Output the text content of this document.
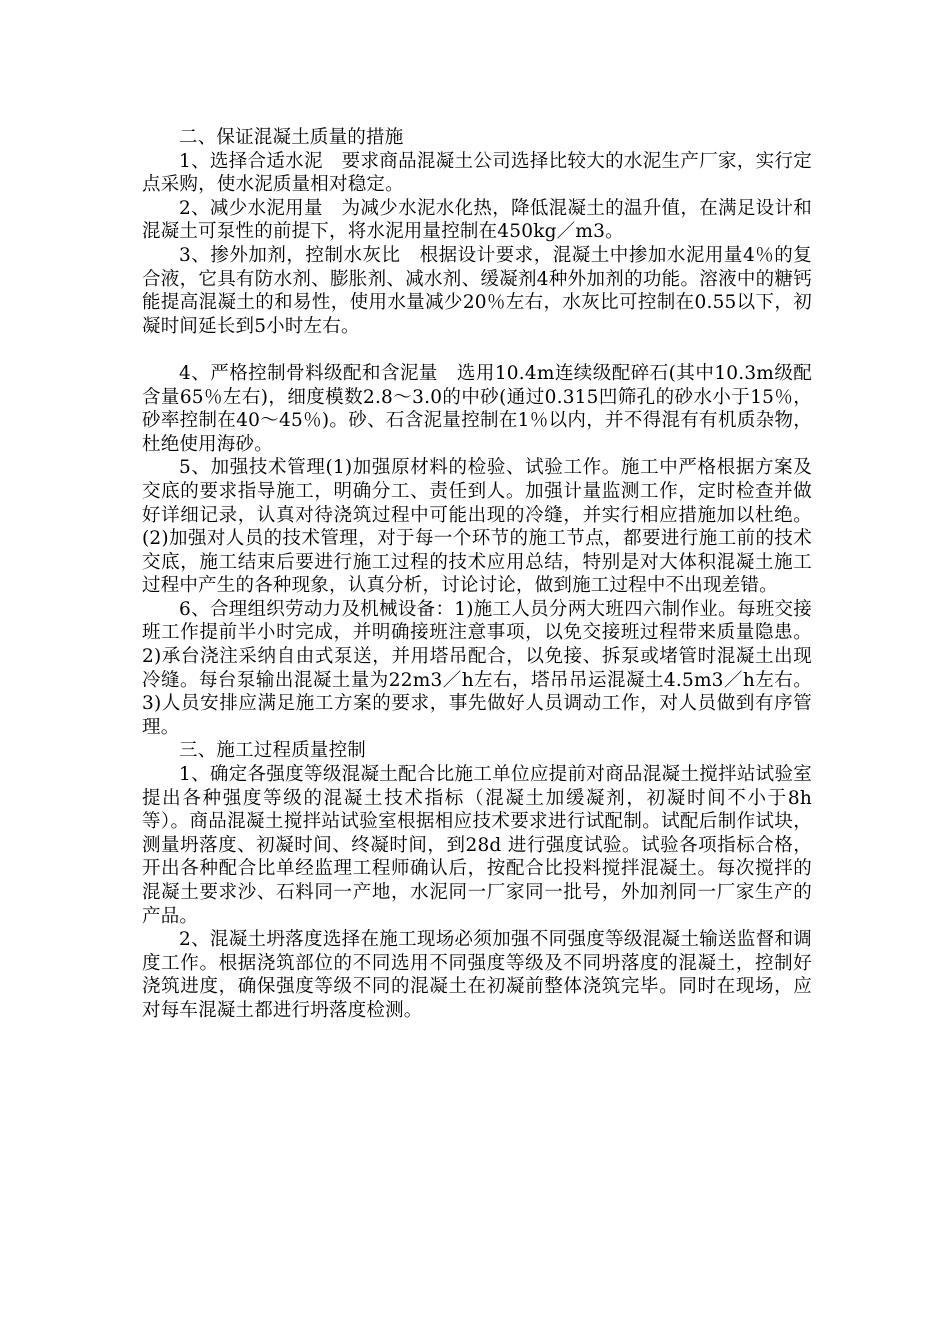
二、保证混凝土质量的措施

1、选择合适水泥　要求商品混凝土公司选择比较大的水泥生产厂家，实行定点采购，使水泥质量相对稳定。

2、减少水泥用量　为减少水泥水化热，降低混凝土的温升值，在满足设计和混凝土可泵性的前提下，将水泥用量控制在450kg／m3。

3、掺外加剂，控制水灰比　根据设计要求，混凝土中掺加水泥用量4％的复合液，它具有防水剂、膨胀剂、减水剂、缓凝剂4种外加剂的功能。溶液中的糖钙能提高混凝土的和易性，使用水量减少20％左右，水灰比可控制在0.55以下，初凝时间延长到5小时左右。

4、严格控制骨料级配和含泥量　选用10.4m连续级配碎石(其中10.3m级配含量65％左右)，细度模数2.8～3.0的中砂(通过0.315凹筛孔的砂水小于15％，砂率控制在40～45％)。砂、石含泥量控制在1％以内，并不得混有有机质杂物，杜绝使用海砂。

5、加强技术管理(1)加强原材料的检验、试验工作。施工中严格根据方案及交底的要求指导施工，明确分工、责任到人。加强计量监测工作，定时检查并做好详细记录，认真对待浇筑过程中可能出现的冷缝，并实行相应措施加以杜绝。(2)加强对人员的技术管理，对于每一个环节的施工节点，都要进行施工前的技术交底，施工结束后要进行施工过程的技术应用总结，特别是对大体积混凝土施工过程中产生的各种现象，认真分析，讨论讨论，做到施工过程中不出现差错。

6、合理组织劳动力及机械设备：1)施工人员分两大班四六制作业。每班交接班工作提前半小时完成，并明确接班注意事项，以免交接班过程带来质量隐患。2)承台浇注采纳自由式泵送，并用塔吊配合，以免接、拆泵或堵管时混凝土出现冷缝。每台泵输出混凝土量为22m3／h左右，塔吊吊运混凝土4.5m3／h左右。3)人员安排应满足施工方案的要求，事先做好人员调动工作，对人员做到有序管理。

三、施工过程质量控制

1、确定各强度等级混凝土配合比施工单位应提前对商品混凝土搅拌站试验室提出各种强度等级的混凝土技术指标（混凝土加缓凝剂，初凝时间不小于8h 等）。商品混凝土搅拌站试验室根据相应技术要求进行试配制。试配后制作试块，测量坍落度、初凝时间、终凝时间，到28d 进行强度试验。试验各项指标合格，开出各种配合比单经监理工程师确认后，按配合比投料搅拌混凝土。每次搅拌的混凝土要求沙、石料同一产地，水泥同一厂家同一批号，外加剂同一厂家生产的产品。

2、混凝土坍落度选择在施工现场必须加强不同强度等级混凝土输送监督和调度工作。根据浇筑部位的不同选用不同强度等级及不同坍落度的混凝土，控制好浇筑进度，确保强度等级不同的混凝土在初凝前整体浇筑完毕。同时在现场，应对每车混凝土都进行坍落度检测。
